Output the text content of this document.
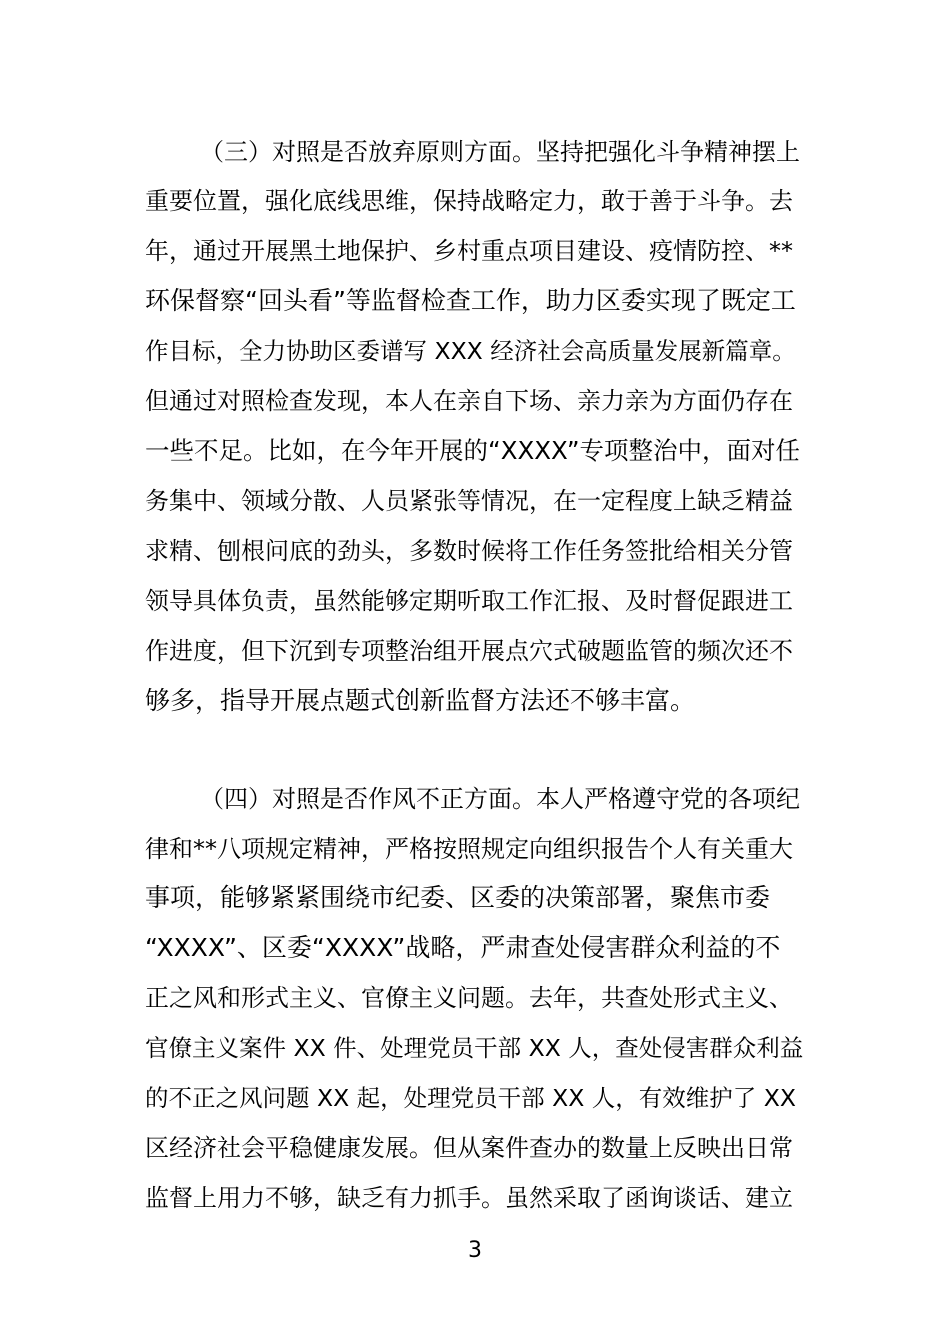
（三）对照是否放弃原则方面。坚持把强化斗争精神摆上
重要位置，强化底线思维，保持战略定力，敢于善于斗争。去
年，通过开展黑土地保护、乡村重点项目建设、疫情防控、**
环保督察“回头看”等监督检查工作，助力区委实现了既定工
作目标，全力协助区委谱写 XXX 经济社会高质量发展新篇章。
但通过对照检查发现，本人在亲自下场、亲力亲为方面仍存在
一些不足。比如，在今年开展的“XXXX”专项整治中，面对任
务集中、领域分散、人员紧张等情况，在一定程度上缺乏精益
求精、刨根问底的劲头，多数时候将工作任务签批给相关分管
领导具体负责，虽然能够定期听取工作汇报、及时督促跟进工
作进度，但下沉到专项整治组开展点穴式破题监管的频次还不
够多，指导开展点题式创新监督方法还不够丰富。
（四）对照是否作风不正方面。本人严格遵守党的各项纪
律和**八项规定精神，严格按照规定向组织报告个人有关重大
事项，能够紧紧围绕市纪委、区委的决策部署，聚焦市委
“XXXX”、区委“XXXX”战略，严肃查处侵害群众利益的不
正之风和形式主义、官僚主义问题。去年，共查处形式主义、
官僚主义案件 XX 件、处理党员干部 XX 人，查处侵害群众利益
的不正之风问题 XX 起，处理党员干部 XX 人，有效维护了 XX
区经济社会平稳健康发展。但从案件查办的数量上反映出日常
监督上用力不够，缺乏有力抓手。虽然采取了函询谈话、建立
3
